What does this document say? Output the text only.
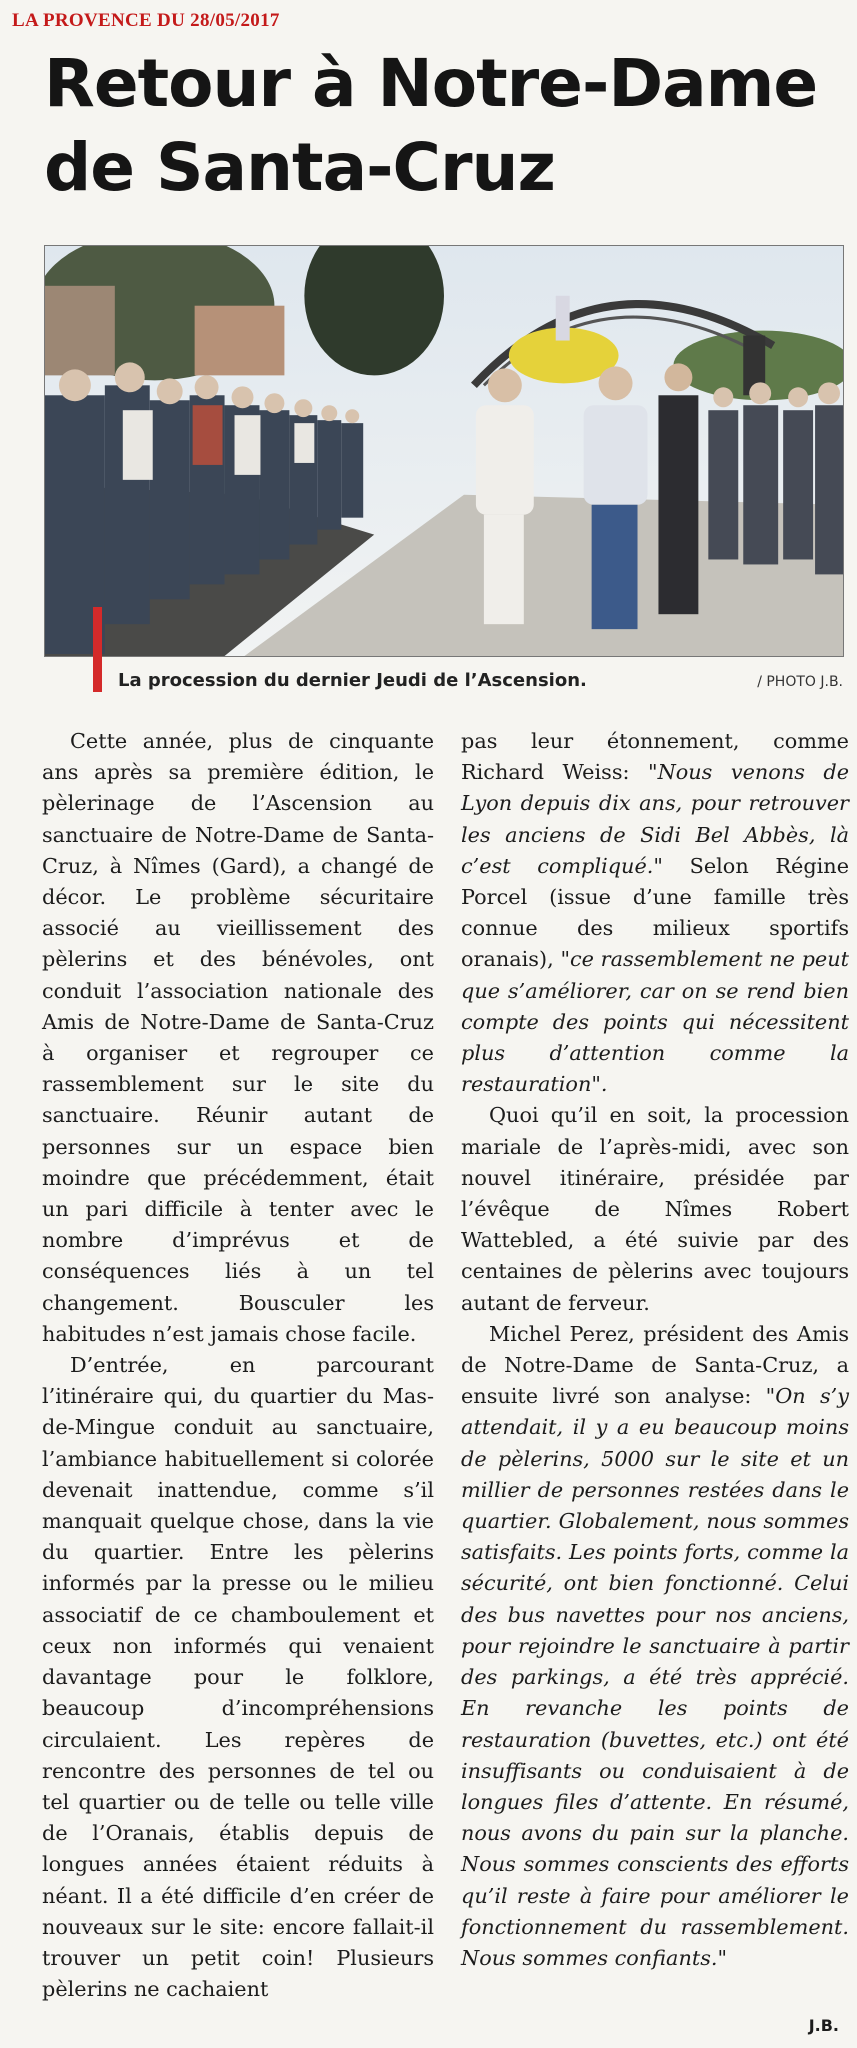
LA PROVENCE DU 28/05/2017
Retour à Notre-Dame de Santa-Cruz
La procession du dernier Jeudi de l’Ascension.	/ PHOTO J.B.

Cette année, plus de cinquante ans après sa première édition, le pèlerinage de l’Ascension au sanctuaire de Notre-Dame de Santa-Cruz, à Nîmes (Gard), a changé de décor. Le problème sécuritaire associé au vieillissement des pèlerins et des bénévoles, ont conduit l’association nationale des Amis de Notre-Dame de Santa-Cruz à organiser et regrouper ce rassemblement sur le site du sanctuaire. Réunir autant de personnes sur un espace bien moindre que précédemment, était un pari difficile à tenter avec le nombre d’imprévus et de conséquences liés à un tel changement. Bousculer les habitudes n’est jamais chose facile.

D’entrée, en parcourant l’itinéraire qui, du quartier du Mas-de-Mingue conduit au sanctuaire, l’ambiance habituellement si colorée devenait inattendue, comme s’il manquait quelque chose, dans la vie du quartier. Entre les pèlerins informés par la presse ou le milieu associatif de ce chamboulement et ceux non informés qui venaient davantage pour le folklore, beaucoup d’incompréhensions circulaient. Les repères de rencontre des personnes de tel ou tel quartier ou de telle ou telle ville de l’Oranais, établis depuis de longues années étaient réduits à néant. Il a été difficile d’en créer de nouveaux sur le site: encore fallait-il trouver un petit coin! Plusieurs pèlerins ne cachaient

pas leur étonnement, comme Richard Weiss: "Nous venons de Lyon depuis dix ans, pour retrouver les anciens de Sidi Bel Abbès, là c’est compliqué." Selon Régine Porcel (issue d’une famille très connue des milieux sportifs oranais), "ce rassemblement ne peut que s’améliorer, car on se rend bien compte des points qui nécessitent plus d’attention comme la restauration".

Quoi qu’il en soit, la procession mariale de l’après-midi, avec son nouvel itinéraire, présidée par l’évêque de Nîmes Robert Wattebled, a été suivie par des centaines de pèlerins avec toujours autant de ferveur.

Michel Perez, président des Amis de Notre-Dame de Santa-Cruz, a ensuite livré son analyse: "On s’y attendait, il y a eu beaucoup moins de pèlerins, 5000 sur le site et un millier de personnes restées dans le quartier. Globalement, nous sommes satisfaits. Les points forts, comme la sécurité, ont bien fonctionné. Celui des bus navettes pour nos anciens, pour rejoindre le sanctuaire à partir des parkings, a été très apprécié. En revanche les points de restauration (buvettes, etc.) ont été insuffisants ou conduisaient à de longues files d’attente. En résumé, nous avons du pain sur la planche. Nous sommes conscients des efforts qu’il reste à faire pour améliorer le fonctionnement du rassemblement. Nous sommes confiants."

J.B.
